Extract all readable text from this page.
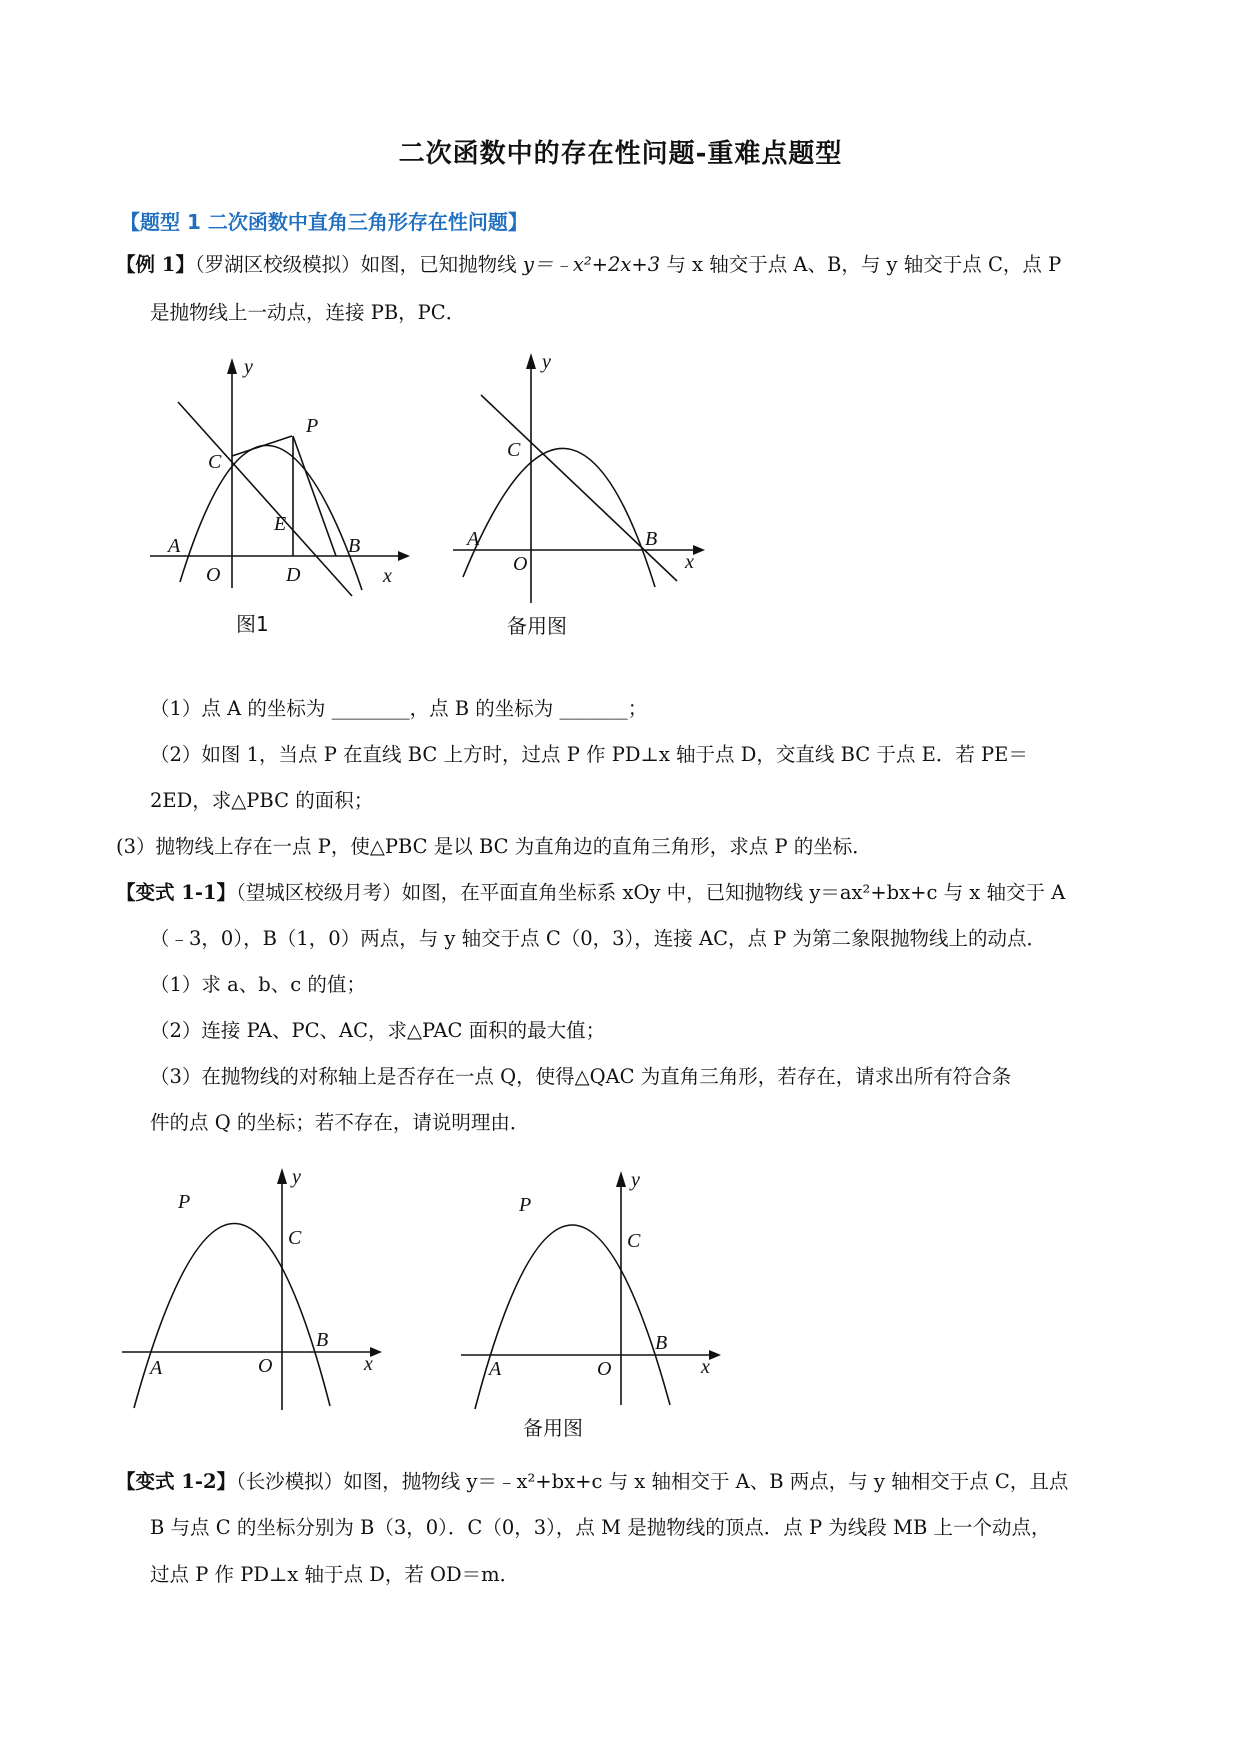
二次函数中的存在性问题-重难点题型
【题型 1 二次函数中直角三角形存在性问题】
【例 1】（罗湖区校级模拟）如图，已知抛物线 y＝﹣x²+2x+3 与 x 轴交于点 A、B，与 y 轴交于点 C，点 P
是抛物线上一动点，连接 PB，PC．
P
C
E
A	B
O	D	x
y
图1
C
A	B
O	x
y
备用图
（1）点 A 的坐标为 ________，点 B 的坐标为 _______；
（2）如图 1，当点 P 在直线 BC 上方时，过点 P 作 PD⊥x 轴于点 D，交直线 BC 于点 E．若 PE＝
2ED，求△PBC 的面积；
(3）抛物线上存在一点 P，使△PBC 是以 BC 为直角边的直角三角形，求点 P 的坐标．
【变式 1-1】（望城区校级月考）如图，在平面直角坐标系 xOy 中，已知抛物线 y＝ax²+bx+c 与 x 轴交于 A
（﹣3，0），B（1，0）两点，与 y 轴交于点 C（0，3），连接 AC，点 P 为第二象限抛物线上的动点．
（1）求 a、b、c 的值；
（2）连接 PA、PC、AC，求△PAC 面积的最大值；
（3）在抛物线的对称轴上是否存在一点 Q，使得△QAC 为直角三角形，若存在，请求出所有符合条
件的点 Q 的坐标；若不存在，请说明理由．
P
C
B
A	O	x
y
P
C
B
A	O	x
y
备用图
【变式 1-2】（长沙模拟）如图，抛物线 y＝﹣x²+bx+c 与 x 轴相交于 A、B 两点，与 y 轴相交于点 C，且点
B 与点 C 的坐标分别为 B（3，0）．C（0，3），点 M 是抛物线的顶点．点 P 为线段 MB 上一个动点，
过点 P 作 PD⊥x 轴于点 D，若 OD＝m．
